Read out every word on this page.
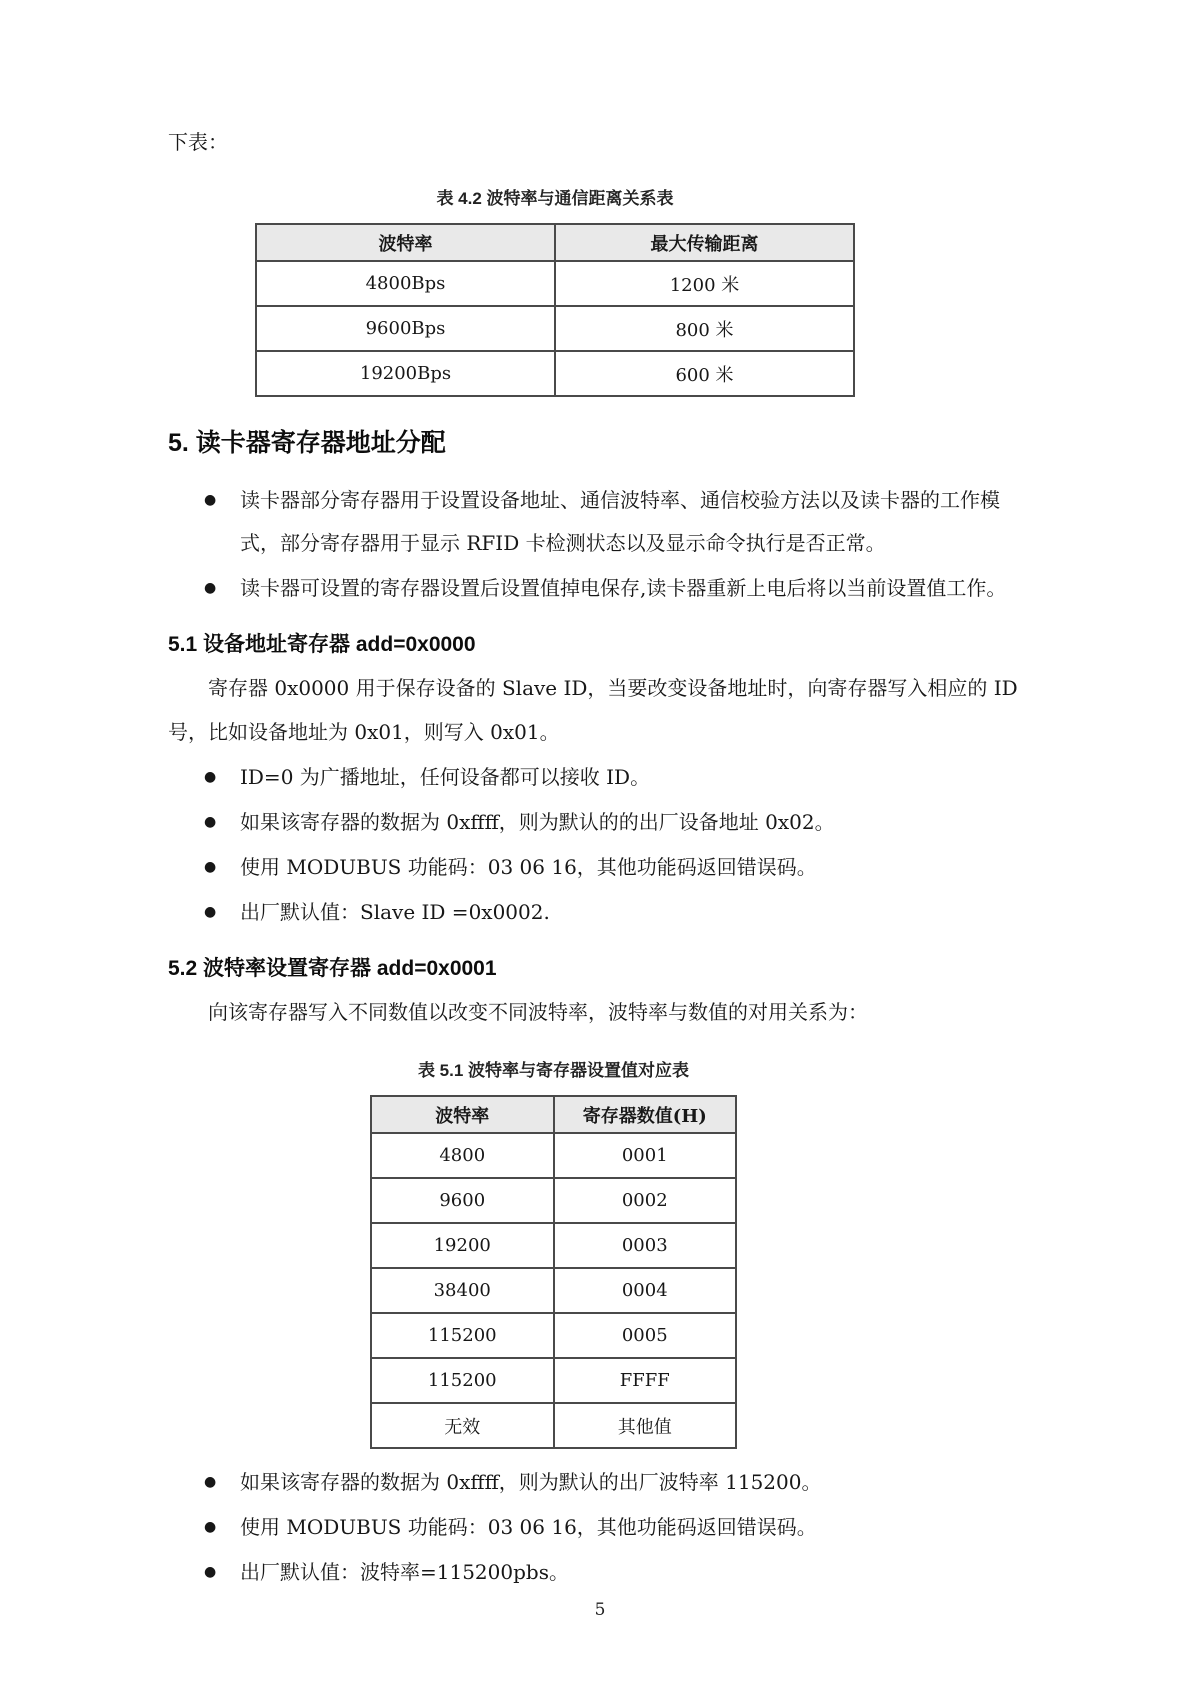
下表：

表 4.2 波特率与通信距离关系表
波特率	最大传输距离
4800Bps	1200 米
9600Bps	800 米
19200Bps	600 米
5. 读卡器寄存器地址分配
●	读卡器部分寄存器用于设置设备地址、通信波特率、通信校验方法以及读卡器的工作模式，部分寄存器用于显示 RFID 卡检测状态以及显示命令执行是否正常。
●	读卡器可设置的寄存器设置后设置值掉电保存,读卡器重新上电后将以当前设置值工作。
5.1 设备地址寄存器 add=0x0000

寄存器 0x0000 用于保存设备的 Slave ID，当要改变设备地址时，向寄存器写入相应的 ID 号，比如设备地址为 0x01，则写入 0x01。

●	ID=0 为广播地址，任何设备都可以接收 ID。
●	如果该寄存器的数据为 0xffff，则为默认的的出厂设备地址 0x02。
●	使用 MODUBUS 功能码：03 06 16，其他功能码返回错误码。
●	出厂默认值：Slave ID =0x0002.
5.2 波特率设置寄存器 add=0x0001

向该寄存器写入不同数值以改变不同波特率，波特率与数值的对用关系为：

表 5.1 波特率与寄存器设置值对应表
波特率	寄存器数值(H)
4800	0001
9600	0002
19200	0003
38400	0004
115200	0005
115200	FFFF
无效	其他值
●	如果该寄存器的数据为 0xffff，则为默认的出厂波特率 115200。
●	使用 MODUBUS 功能码：03 06 16，其他功能码返回错误码。
●	出厂默认值：波特率=115200pbs。
5
